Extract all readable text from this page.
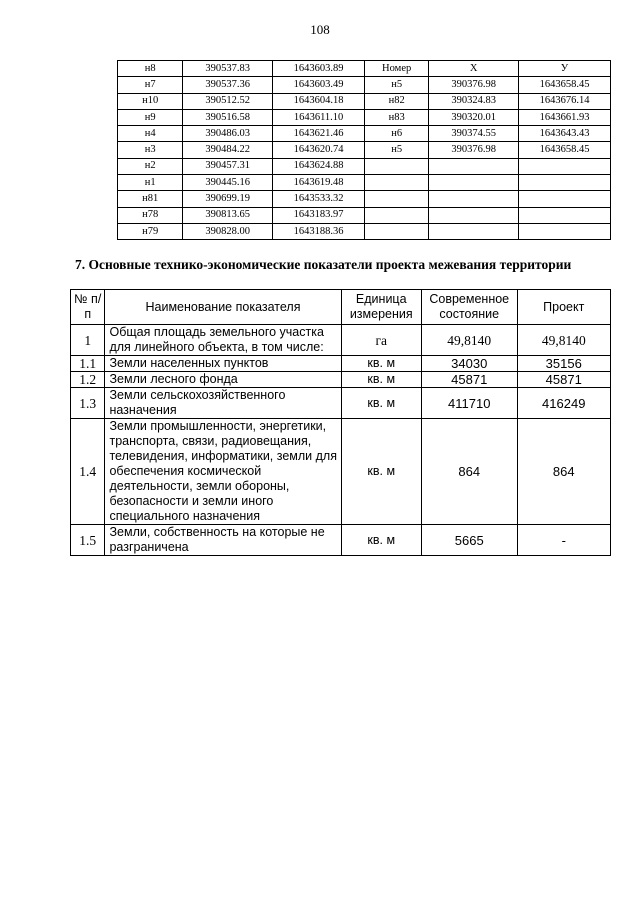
108
н8	390537.83	1643603.89	Номер	X	У
н7	390537.36	1643603.49	н5	390376.98	1643658.45
н10	390512.52	1643604.18	н82	390324.83	1643676.14
н9	390516.58	1643611.10	н83	390320.01	1643661.93
н4	390486.03	1643621.46	н6	390374.55	1643643.43
н3	390484.22	1643620.74	н5	390376.98	1643658.45
н2	390457.31	1643624.88			
н1	390445.16	1643619.48			
н81	390699.19	1643533.32			
н78	390813.65	1643183.97			
н79	390828.00	1643188.36			
7. Основные технико-экономические показатели проекта межевания территории
№ п/п	Наименование показателя	Единица измерения	Современное состояние	Проект
1	Общая площадь земельного участка для линейного объекта, в том числе:	га	49,8140	49,8140
1.1	Земли населенных пунктов	кв. м	34030	35156
1.2	Земли лесного фонда	кв. м	45871	45871
1.3	Земли сельскохозяйственного назначения	кв. м	411710	416249
1.4	Земли промышленности, энергетики, транспорта, связи, радиовещания, телевидения, информатики, земли для обеспечения космической деятельности, земли обороны, безопасности и земли иного специального назначения	кв. м	864	864
1.5	Земли, собственность на которые не разграничена	кв. м	5665	-
